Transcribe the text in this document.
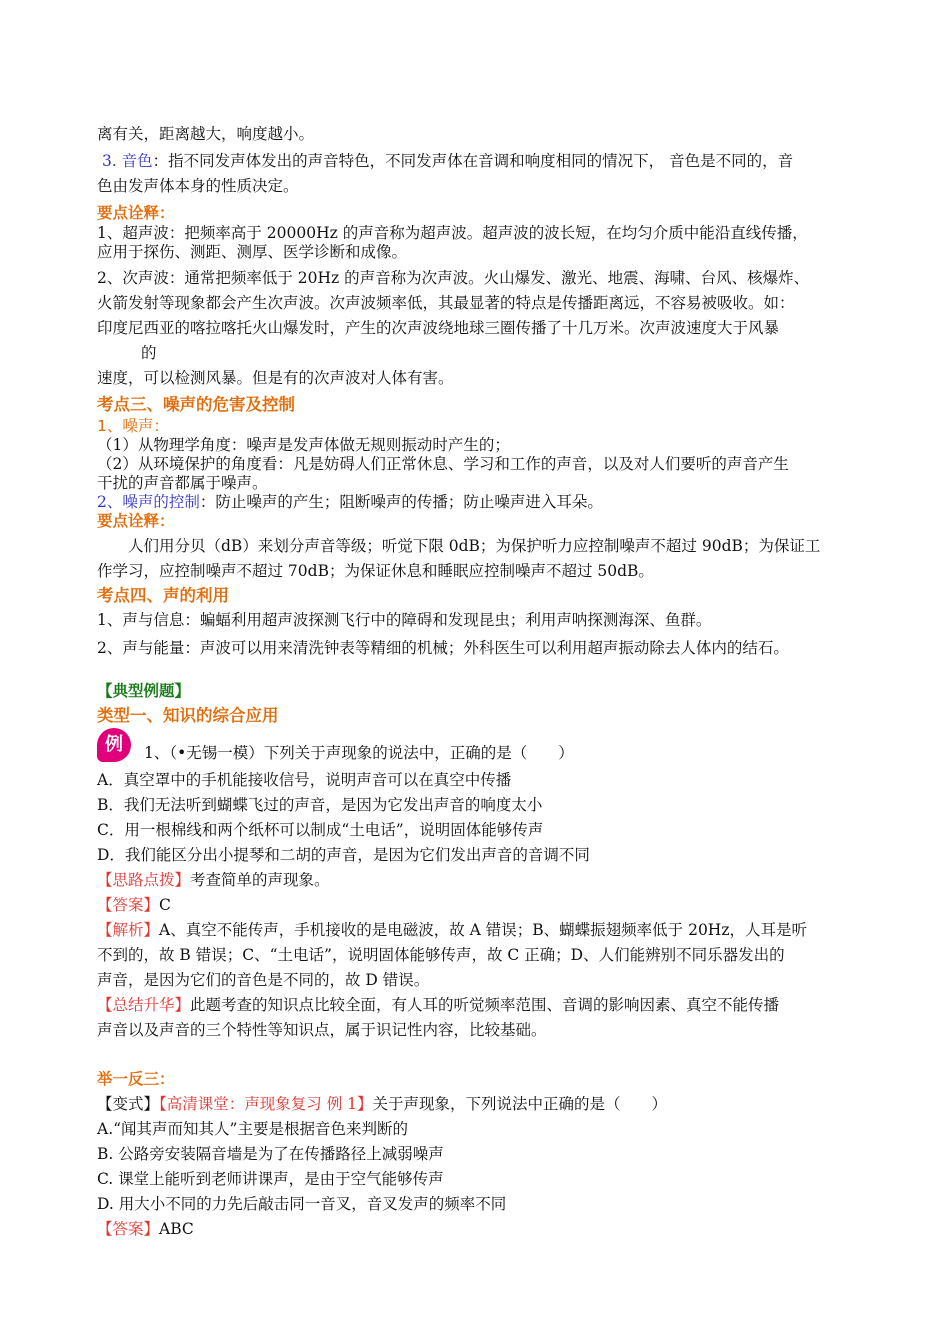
离有关，距离越大，响度越小。

3. 音色：指不同发声体发出的声音特色，不同发声体在音调和响度相同的情况下， 音色是不同的，音

色由发声体本身的性质决定。

要点诠释：

1、超声波：把频率高于 20000Hz 的声音称为超声波。超声波的波长短，在均匀介质中能沿直线传播，

应用于探伤、测距、测厚、医学诊断和成像。

2、次声波：通常把频率低于 20Hz 的声音称为次声波。火山爆发、激光、地震、海啸、台风、核爆炸、

火箭发射等现象都会产生次声波。次声波频率低，其最显著的特点是传播距离远，不容易被吸收。如：

印度尼西亚的喀拉喀托火山爆发时，产生的次声波绕地球三圈传播了十几万米。次声波速度大于风暴

的

速度，可以检测风暴。但是有的次声波对人体有害。

考点三、噪声的危害及控制

1、噪声：

（1）从物理学角度：噪声是发声体做无规则振动时产生的；

（2）从环境保护的角度看：凡是妨碍人们正常休息、学习和工作的声音，以及对人们要听的声音产生

干扰的声音都属于噪声。

2、噪声的控制：防止噪声的产生；阻断噪声的传播；防止噪声进入耳朵。

要点诠释：

人们用分贝（dB）来划分声音等级；听觉下限 0dB；为保护听力应控制噪声不超过 90dB；为保证工

作学习，应控制噪声不超过 70dB；为保证休息和睡眠应控制噪声不超过 50dB。

考点四、声的利用

1、声与信息：蝙蝠利用超声波探测飞行中的障碍和发现昆虫；利用声呐探测海深、鱼群。

2、声与能量：声波可以用来清洗钟表等精细的机械；外科医生可以利用超声振动除去人体内的结石。

【典型例题】

类型一、知识的综合应用

例	1、（•无锡一模）下列关于声现象的说法中，正确的是（　　）

A．真空罩中的手机能接收信号，说明声音可以在真空中传播

B．我们无法听到蝴蝶飞过的声音，是因为它发出声音的响度太小

C．用一根棉线和两个纸杯可以制成“土电话”，说明固体能够传声

D．我们能区分出小提琴和二胡的声音，是因为它们发出声音的音调不同

【思路点拨】考查简单的声现象。

【答案】C

【解析】A、真空不能传声，手机接收的是电磁波，故 A 错误；B、蝴蝶振翅频率低于 20Hz，人耳是听

不到的，故 B 错误；C、“土电话”，说明固体能够传声，故 C 正确；D、人们能辨别不同乐器发出的

声音，是因为它们的音色是不同的，故 D 错误。

【总结升华】此题考查的知识点比较全面，有人耳的听觉频率范围、音调的影响因素、真空不能传播

声音以及声音的三个特性等知识点，属于识记性内容，比较基础。

举一反三：

【变式】【高清课堂：声现象复习 例 1】关于声现象，下列说法中正确的是（　　）

A.“闻其声而知其人”主要是根据音色来判断的

B. 公路旁安装隔音墙是为了在传播路径上减弱噪声

C. 课堂上能听到老师讲课声，是由于空气能够传声

D. 用大小不同的力先后敲击同一音叉，音叉发声的频率不同

【答案】ABC
